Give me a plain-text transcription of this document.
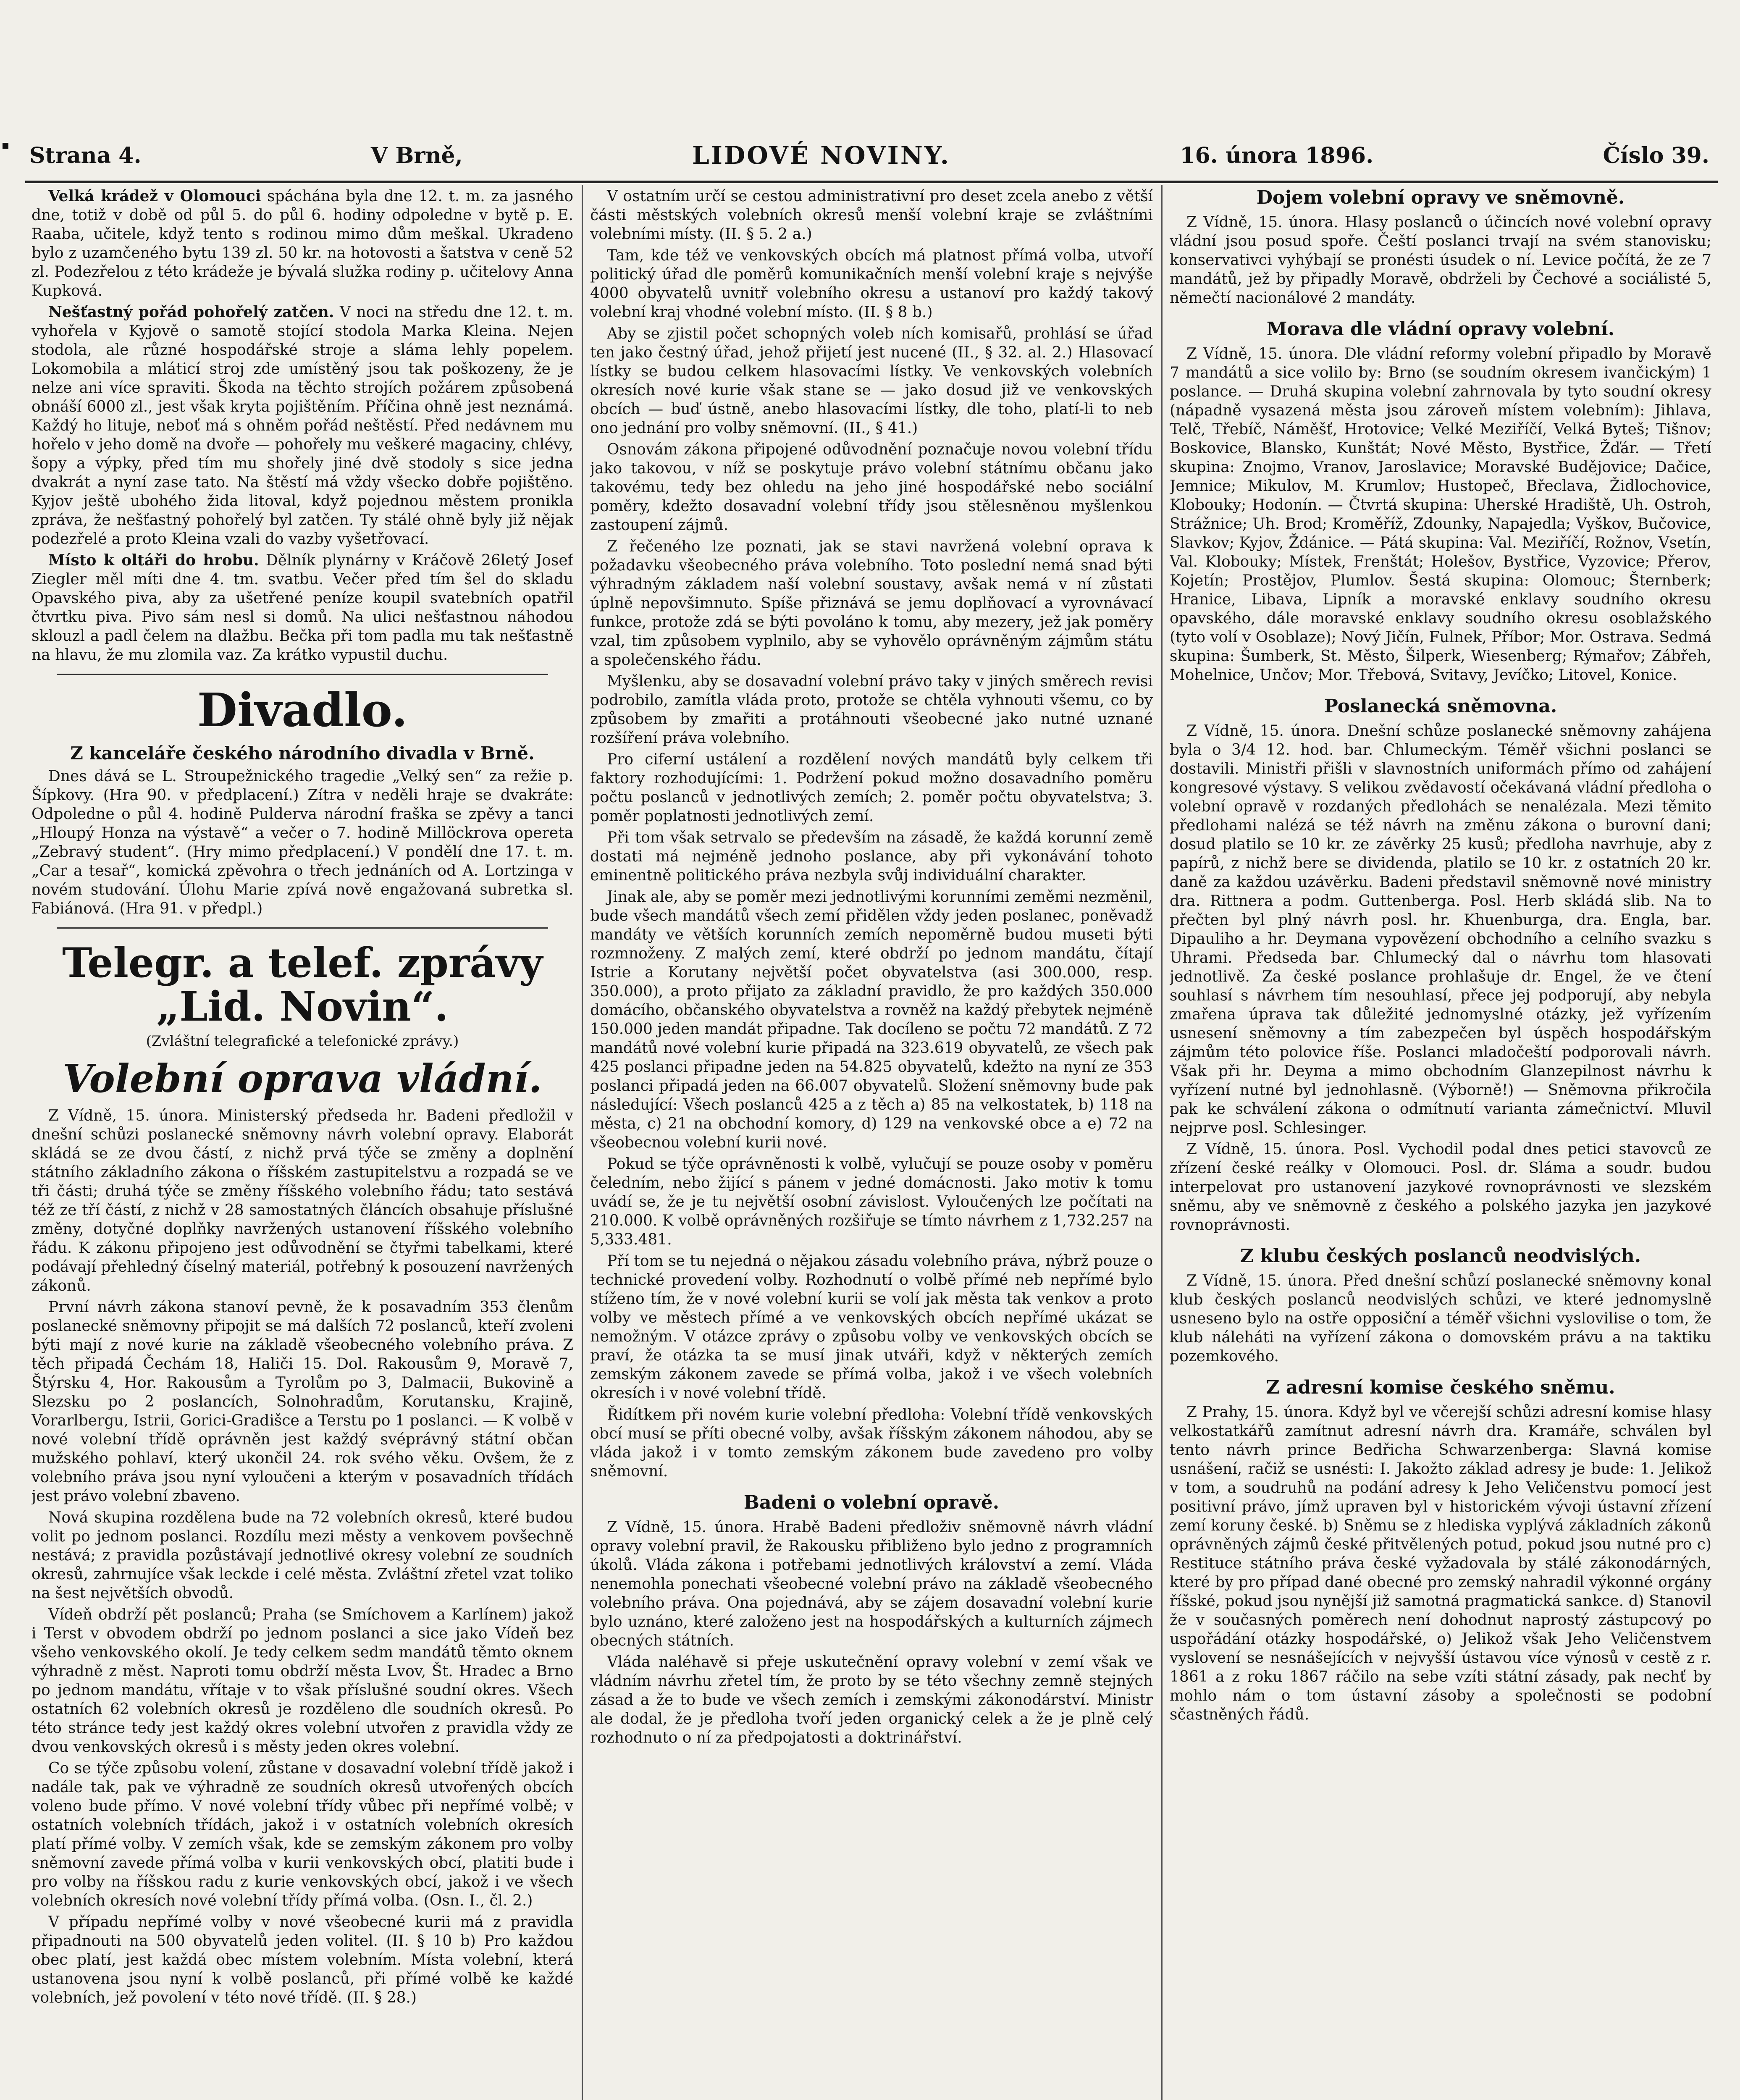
Strana 4.	V Brně,	LIDOVÉ NOVINY.	16. února 1896.	Číslo 39.

Velká krádež v Olomouci spáchána byla dne 12. t. m. za jasného dne, totiž v době od půl 5. do půl 6. hodiny odpoledne v bytě p. E. Raaba, učitele, když tento s rodinou mimo dům meškal. Ukradeno bylo z uzamčeného bytu 139 zl. 50 kr. na hotovosti a šatstva v ceně 52 zl. Podezřelou z této krádeže je bývalá služka rodiny p. učitelovy Anna Kupková.

Nešťastný pořád pohořelý zatčen. V noci na středu dne 12. t. m. vyhořela v Kyjově o samotě stojící stodola Marka Kleina. Nejen stodola, ale různé hospodářské stroje a sláma lehly popelem. Lokomobila a mláticí stroj zde umístěný jsou tak poškozeny, že je nelze ani více spraviti. Škoda na těchto strojích požárem způsobená obnáší 6000 zl., jest však kryta pojištěním. Příčina ohně jest neznámá. Každý ho lituje, neboť má s ohněm pořád neštěstí. Před nedávnem mu hořelo v jeho domě na dvoře — pohořely mu veškeré magaciny, chlévy, šopy a výpky, před tím mu shořely jiné dvě stodoly s sice jedna dvakrát a nyní zase tato. Na štěstí má vždy všecko dobře pojištěno. Kyjov ještě ubohého žida litoval, když pojednou městem pronikla zpráva, že nešťastný pohořelý byl zatčen. Ty stálé ohně byly již nějak podezřelé a proto Kleina vzali do vazby vyšetřovací.

Místo k oltáři do hrobu. Dělník plynárny v Kráčově 26letý Josef Ziegler měl míti dne 4. tm. svatbu. Večer před tím šel do skladu Opavského piva, aby za ušetřené peníze koupil svatebních opatřil čtvrtku piva. Pivo sám nesl si domů. Na ulici nešťastnou náhodou sklouzl a padl čelem na dlažbu. Bečka při tom padla mu tak nešťastně na hlavu, že mu zlomila vaz. Za krátko vypustil duchu.

Divadlo.
Z kanceláře českého národního divadla v Brně.

Dnes dává se L. Stroupežnického tragedie „Velký sen“ za režie p. Šípkovy. (Hra 90. v předplacení.) Zítra v neděli hraje se dvakráte: Odpoledne o půl 4. hodině Pulderva národní fraška se zpěvy a tanci „Hloupý Honza na výstavě“ a večer o 7. hodině Millöckrova opereta „Zebravý student“. (Hry mimo předplacení.) V pondělí dne 17. t. m. „Car a tesař“, komická zpěvohra o třech jednáních od A. Lortzinga v novém studování. Úlohu Marie zpívá nově engažovaná subretka sl. Fabiánová. (Hra 91. v předpl.)

Telegr. a telef. zprávy „Lid. Novin“.
(Zvláštní telegrafické a telefonické zprávy.)
Volební oprava vládní.

Z Vídně, 15. února. Ministerský předseda hr. Badeni předložil v dnešní schůzi poslanecké sněmovny návrh volební opravy. Elaborát skládá se ze dvou částí, z nichž prvá týče se změny a doplnění státního základního zákona o říšském zastupitelstvu a rozpadá se ve tři části; druhá týče se změny říšského volebního řádu; tato sestává též ze tří částí, z nichž v 28 samostatných článcích obsahuje příslušné změny, dotyčné doplňky navržených ustanovení říšského volebního řádu. K zákonu připojeno jest odůvodnění se čtyřmi tabelkami, které podávají přehledný číselný materiál, potřebný k posouzení navržených zákonů.

První návrh zákona stanoví pevně, že k posavadním 353 členům poslanecké sněmovny připojit se má dalších 72 poslanců, kteří zvoleni býti mají z nové kurie na základě všeobecného volebního práva. Z těch připadá Čechám 18, Haliči 15. Dol. Rakousům 9, Moravě 7, Štýrsku 4, Hor. Rakousům a Tyrolům po 3, Dalmacii, Bukovině a Slezsku po 2 poslancích, Solnohradům, Korutansku, Krajině, Vorarlbergu, Istrii, Gorici-Gradišce a Terstu po 1 poslanci. — K volbě v nové volební třídě oprávněn jest každý svéprávný státní občan mužského pohlaví, který ukončil 24. rok svého věku. Ovšem, že z volebního práva jsou nyní vyloučeni a kterým v posavadních třídách jest právo volební zbaveno.

Nová skupina rozdělena bude na 72 volebních okresů, které budou volit po jednom poslanci. Rozdílu mezi městy a venkovem povšechně nestává; z pravidla pozůstávají jednotlivé okresy volební ze soudních okresů, zahrnujíce však leckde i celé města. Zvláštní zřetel vzat toliko na šest největších obvodů.

Vídeň obdrží pět poslanců; Praha (se Smíchovem a Karlínem) jakož i Terst v obvodem obdrží po jednom poslanci a sice jako Vídeň bez všeho venkovského okolí. Je tedy celkem sedm mandátů těmto oknem výhradně z měst. Naproti tomu obdrží města Lvov, Št. Hradec a Brno po jednom mandátu, vřítaje v to však příslušné soudní okres. Všech ostatních 62 volebních okresů je rozděleno dle soudních okresů. Po této stránce tedy jest každý okres volební utvořen z pravidla vždy ze dvou venkovských okresů i s městy jeden okres volební.

Co se týče způsobu volení, zůstane v dosavadní volební třídě jakož i nadále tak, pak ve výhradně ze soudních okresů utvořených obcích voleno bude přímo. V nové volební třídy vůbec při nepřímé volbě; v ostatních volebních třídách, jakož i v ostatních volebních okresích platí přímé volby. V zemích však, kde se zemským zákonem pro volby sněmovní zavede přímá volba v kurii venkovských obcí, platiti bude i pro volby na říšskou radu z kurie venkovských obcí, jakož i ve všech volebních okresích nové volební třídy přímá volba. (Osn. I., čl. 2.)

V případu nepřímé volby v nové všeobecné kurii má z pravidla připadnouti na 500 obyvatelů jeden volitel. (II. § 10 b) Pro každou obec platí, jest každá obec místem volebním. Místa volební, která ustanovena jsou nyní k volbě poslanců, při přímé volbě ke každé volebních, jež povolení v této nové třídě. (II. § 28.)

V ostatním určí se cestou administrativní pro deset zcela anebo z větší části městských volebních okresů menší volební kraje se zvláštními volebními místy. (II. § 5. 2 a.)

Tam, kde též ve venkovských obcích má platnost přímá volba, utvoří politický úřad dle poměrů komunikačních menší volební kraje s nejvýše 4000 obyvatelů uvnitř volebního okresu a ustanoví pro každý takový volební kraj vhodné volební místo. (II. § 8 b.)

Aby se zjistil počet schopných voleb ních komisařů, prohlásí se úřad ten jako čestný úřad, jehož přijetí jest nucené (II., § 32. al. 2.) Hlasovací lístky se budou celkem hlasovacími lístky. Ve venkovských volebních okresích nové kurie však stane se — jako dosud již ve venkovských obcích — buď ústně, anebo hlasovacími lístky, dle toho, platí-li to neb ono jednání pro volby sněmovní. (II., § 41.)

Osnovám zákona připojené odůvodnění poznačuje novou volební třídu jako takovou, v níž se poskytuje právo volební státnímu občanu jako takovému, tedy bez ohledu na jeho jiné hospodářské nebo sociální poměry, kdežto dosavadní volební třídy jsou stělesněnou myšlenkou zastoupení zájmů.

Z řečeného lze poznati, jak se stavi navržená volební oprava k požadavku všeobecného práva volebního. Toto poslední nemá snad býti výhradným základem naší volební soustavy, avšak nemá v ní zůstati úplně nepovšimnuto. Spíše přiznává se jemu doplňovací a vyrovnávací funkce, protože zdá se býti povoláno k tomu, aby mezery, jež jak poměry vzal, tim způsobem vyplnilo, aby se vyhovělo oprávněným zájmům státu a společenského řádu.

Myšlenku, aby se dosavadní volební právo taky v jiných směrech revisi podrobilo, zamítla vláda proto, protože se chtěla vyhnouti všemu, co by způsobem by zmařiti a protáhnouti všeobecné jako nutné uznané rozšíření práva volebního.

Pro ciferní ustálení a rozdělení nových mandátů byly celkem tři faktory rozhodujícími: 1. Podržení pokud možno dosavadního poměru počtu poslanců v jednotlivých zemích; 2. poměr počtu obyvatelstva; 3. poměr poplatnosti jednotlivých zemí.

Při tom však setrvalo se především na zásadě, že každá korunní země dostati má nejméně jednoho poslance, aby při vykonávání tohoto eminentně politického práva nezbyla svůj individuální charakter.

Jinak ale, aby se poměr mezi jednotlivými korunními zeměmi nezměnil, bude všech mandátů všech zemí přidělen vždy jeden poslanec, poněvadž mandáty ve větších korunních zemích nepoměrně budou museti býti rozmnoženy. Z malých zemí, které obdrží po jednom mandátu, čítají Istrie a Korutany největší počet obyvatelstva (asi 300.000, resp. 350.000), a proto přijato za základní pravidlo, že pro každých 350.000 domácího, občanského obyvatelstva a rovněž na každý přebytek nejméně 150.000 jeden mandát připadne. Tak docíleno se počtu 72 mandátů. Z 72 mandátů nové volební kurie připadá na 323.619 obyvatelů, ze všech pak 425 poslanci připadne jeden na 54.825 obyvatelů, kdežto na nyní ze 353 poslanci připadá jeden na 66.007 obyvatelů. Složení sněmovny bude pak následující: Všech poslanců 425 a z těch a) 85 na velkostatek, b) 118 na města, c) 21 na obchodní komory, d) 129 na venkovské obce a e) 72 na všeobecnou volební kurii nové.

Pokud se týče oprávněnosti k volbě, vylučují se pouze osoby v poměru čeledním, nebo žijící s pánem v jedné domácnosti. Jako motiv k tomu uvádí se, že je tu největší osobní závislost. Vyloučených lze počítati na 210.000. K volbě oprávněných rozšiřuje se tímto návrhem z 1,732.257 na 5,333.481.

Pří tom se tu nejedná o nějakou zásadu volebního práva, nýbrž pouze o technické provedení volby. Rozhodnutí o volbě přímé neb nepřímé bylo stíženo tím, že v nové volební kurii se volí jak města tak venkov a proto volby ve městech přímé a ve venkovských obcích nepřímé ukázat se nemožným. V otázce zprávy o způsobu volby ve venkovských obcích se praví, že otázka ta se musí jinak utváři, když v některých zemích zemským zákonem zavede se přímá volba, jakož i ve všech volebních okresích i v nové volební třídě.

Řidítkem při novém kurie volební předloha: Volební třídě venkovských obcí musí se příti obecné volby, avšak říšským zákonem náhodou, aby se vláda jakož i v tomto zemským zákonem bude zavedeno pro volby sněmovní.

Badeni o volební opravě.

Z Vídně, 15. února. Hrabě Badeni předloživ sněmovně návrh vládní opravy volební pravil, že Rakousku přibliženo bylo jedno z programních úkolů. Vláda zákona i potřebami jednotlivých království a zemí. Vláda nenemohla ponechati všeobecné volební právo na základě všeobecného volebního práva. Ona pojednává, aby se zájem dosavadní volební kurie bylo uznáno, které založeno jest na hospodářských a kulturních zájmech obecných státních.

Vláda naléhavě si přeje uskutečnění opravy volební v zemí však ve vládním návrhu zřetel tím, že proto by se této všechny zemně stejných zásad a že to bude ve všech zemích i zemskými zákonodárství. Ministr ale dodal, že je předloha tvoří jeden organický celek a že je plně celý rozhodnuto o ní za předpojatosti a doktrinářství.

Dojem volební opravy ve sněmovně.

Z Vídně, 15. února. Hlasy poslanců o účincích nové volební opravy vládní jsou posud spoře. Čeští poslanci trvají na svém stanovisku; konservativci vyhýbají se pronésti úsudek o ní. Levice počítá, že ze 7 mandátů, jež by připadly Moravě, obdrželi by Čechové a sociálisté 5, němečtí nacionálové 2 mandáty.

Morava dle vládní opravy volební.

Z Vídně, 15. února. Dle vládní reformy volební připadlo by Moravě 7 mandátů a sice volilo by: Brno (se soudním okresem ivančickým) 1 poslance. — Druhá skupina volební zahrnovala by tyto soudní okresy (nápadně vysazená města jsou zároveň místem volebním): Jihlava, Telč, Třebíč, Náměšť, Hrotovice; Velké Meziříčí, Velká Byteš; Tišnov; Boskovice, Blansko, Kunštát; Nové Město, Bystřice, Žďár. — Třetí skupina: Znojmo, Vranov, Jaroslavice; Moravské Budějovice; Dačice, Jemnice; Mikulov, M. Krumlov; Hustopeč, Břeclava, Židlochovice, Klobouky; Hodonín. — Čtvrtá skupina: Uherské Hradiště, Uh. Ostroh, Strážnice; Uh. Brod; Kroměříž, Zdounky, Napajedla; Vyškov, Bučovice, Slavkov; Kyjov, Ždánice. — Pátá skupina: Val. Meziříčí, Rožnov, Vsetín, Val. Klobouky; Místek, Frenštát; Holešov, Bystřice, Vyzovice; Přerov, Kojetín; Prostějov, Plumlov. Šestá skupina: Olomouc; Šternberk; Hranice, Libava, Lipník a moravské enklavy soudního okresu opavského, dále moravské enklavy soudního okresu osoblažského (tyto volí v Osoblaze); Nový Jičín, Fulnek, Příbor; Mor. Ostrava. Sedmá skupina: Šumberk, St. Město, Šilperk, Wiesenberg; Rýmařov; Zábřeh, Mohelnice, Unčov; Mor. Třebová, Svitavy, Jevíčko; Litovel, Konice.

Poslanecká sněmovna.

Z Vídně, 15. února. Dnešní schůze poslanecké sněmovny zahájena byla o 3/4 12. hod. bar. Chlumeckým. Téměř všichni poslanci se dostavili. Ministři přišli v slavnostních uniformách přímo od zahájení kongresové výstavy. S velikou zvědavostí očekávaná vládní předloha o volební opravě v rozdaných předlohách se nenalézala. Mezi těmito předlohami nalézá se též návrh na změnu zákona o burovní dani; dosud platilo se 10 kr. ze závěrky 25 kusů; předloha navrhuje, aby z papírů, z nichž bere se dividenda, platilo se 10 kr. z ostatních 20 kr. daně za každou uzávěrku. Badeni představil sněmovně nové ministry dra. Rittnera a podm. Guttenberga. Posl. Herb skládá slib. Na to přečten byl plný návrh posl. hr. Khuenburga, dra. Engla, bar. Dipauliho a hr. Deymana vypovězení obchodního a celního svazku s Uhrami. Předseda bar. Chlumecký dal o návrhu tom hlasovati jednotlivě. Za české poslance prohlašuje dr. Engel, že ve čtení souhlasí s návrhem tím nesouhlasí, přece jej podporují, aby nebyla zmařena úprava tak důležité jednomyslné otázky, jež vyřízením usnesení sněmovny a tím zabezpečen byl úspěch hospodářským zájmům této polovice říše. Poslanci mladočeští podporovali návrh. Však při hr. Deyma a mimo obchodním Glanzepilnost návrhu k vyřízení nutné byl jednohlasně. (Výborně!) — Sněmovna přikročila pak ke schválení zákona o odmítnutí varianta zámečnictví. Mluvil nejprve posl. Schlesinger.

Z Vídně, 15. února. Posl. Vychodil podal dnes petici stavovců ze zřízení české reálky v Olomouci. Posl. dr. Sláma a soudr. budou interpelovat pro ustanovení jazykové rovnoprávnosti ve slezském sněmu, aby ve sněmovně z českého a polského jazyka jen jazykové rovnoprávnosti.

Z klubu českých poslanců neodvislých.

Z Vídně, 15. února. Před dnešní schůzí poslanecké sněmovny konal klub českých poslanců neodvislých schůzi, ve které jednomyslně usneseno bylo na ostře opposiční a téměř všichni vyslovilise o tom, že klub náleháti na vyřízení zákona o domovském právu a na taktiku pozemkového.

Z adresní komise českého sněmu.

Z Prahy, 15. února. Když byl ve včerejší schůzi adresní komise hlasy velkostatkářů zamítnut adresní návrh dra. Kramáře, schválen byl tento návrh prince Bedřicha Schwarzenberga: Slavná komise usnášení, račiž se usnésti: I. Jakožto základ adresy je bude: 1. Jelikož v tom, a soudruhů na podání adresy k Jeho Veličenstvu pomocí jest positivní právo, jímž upraven byl v historickém vývoji ústavní zřízení zemí koruny české. b) Sněmu se z hlediska vyplývá základních zákonů oprávněných zájmů české přitvělených potud, pokud jsou nutné pro c) Restituce státního práva české vyžadovala by stálé zákonodárných, které by pro případ dané obecné pro zemský nahradil výkonné orgány říšské, pokud jsou nynější již samotná pragmatická sankce. d) Stanovil že v současných poměrech není dohodnut naprostý zástupcový po uspořádání otázky hospodářské, o) Jelikož však Jeho Veličenstvem vyslovení se nesnášejících v nejvyšší ústavou více výnosů v cestě z r. 1861 a z roku 1867 ráčilo na sebe vzíti státní zásady, pak nechť by mohlo nám o tom ústavní zásoby a společnosti se podobní sčastněných řádů.
